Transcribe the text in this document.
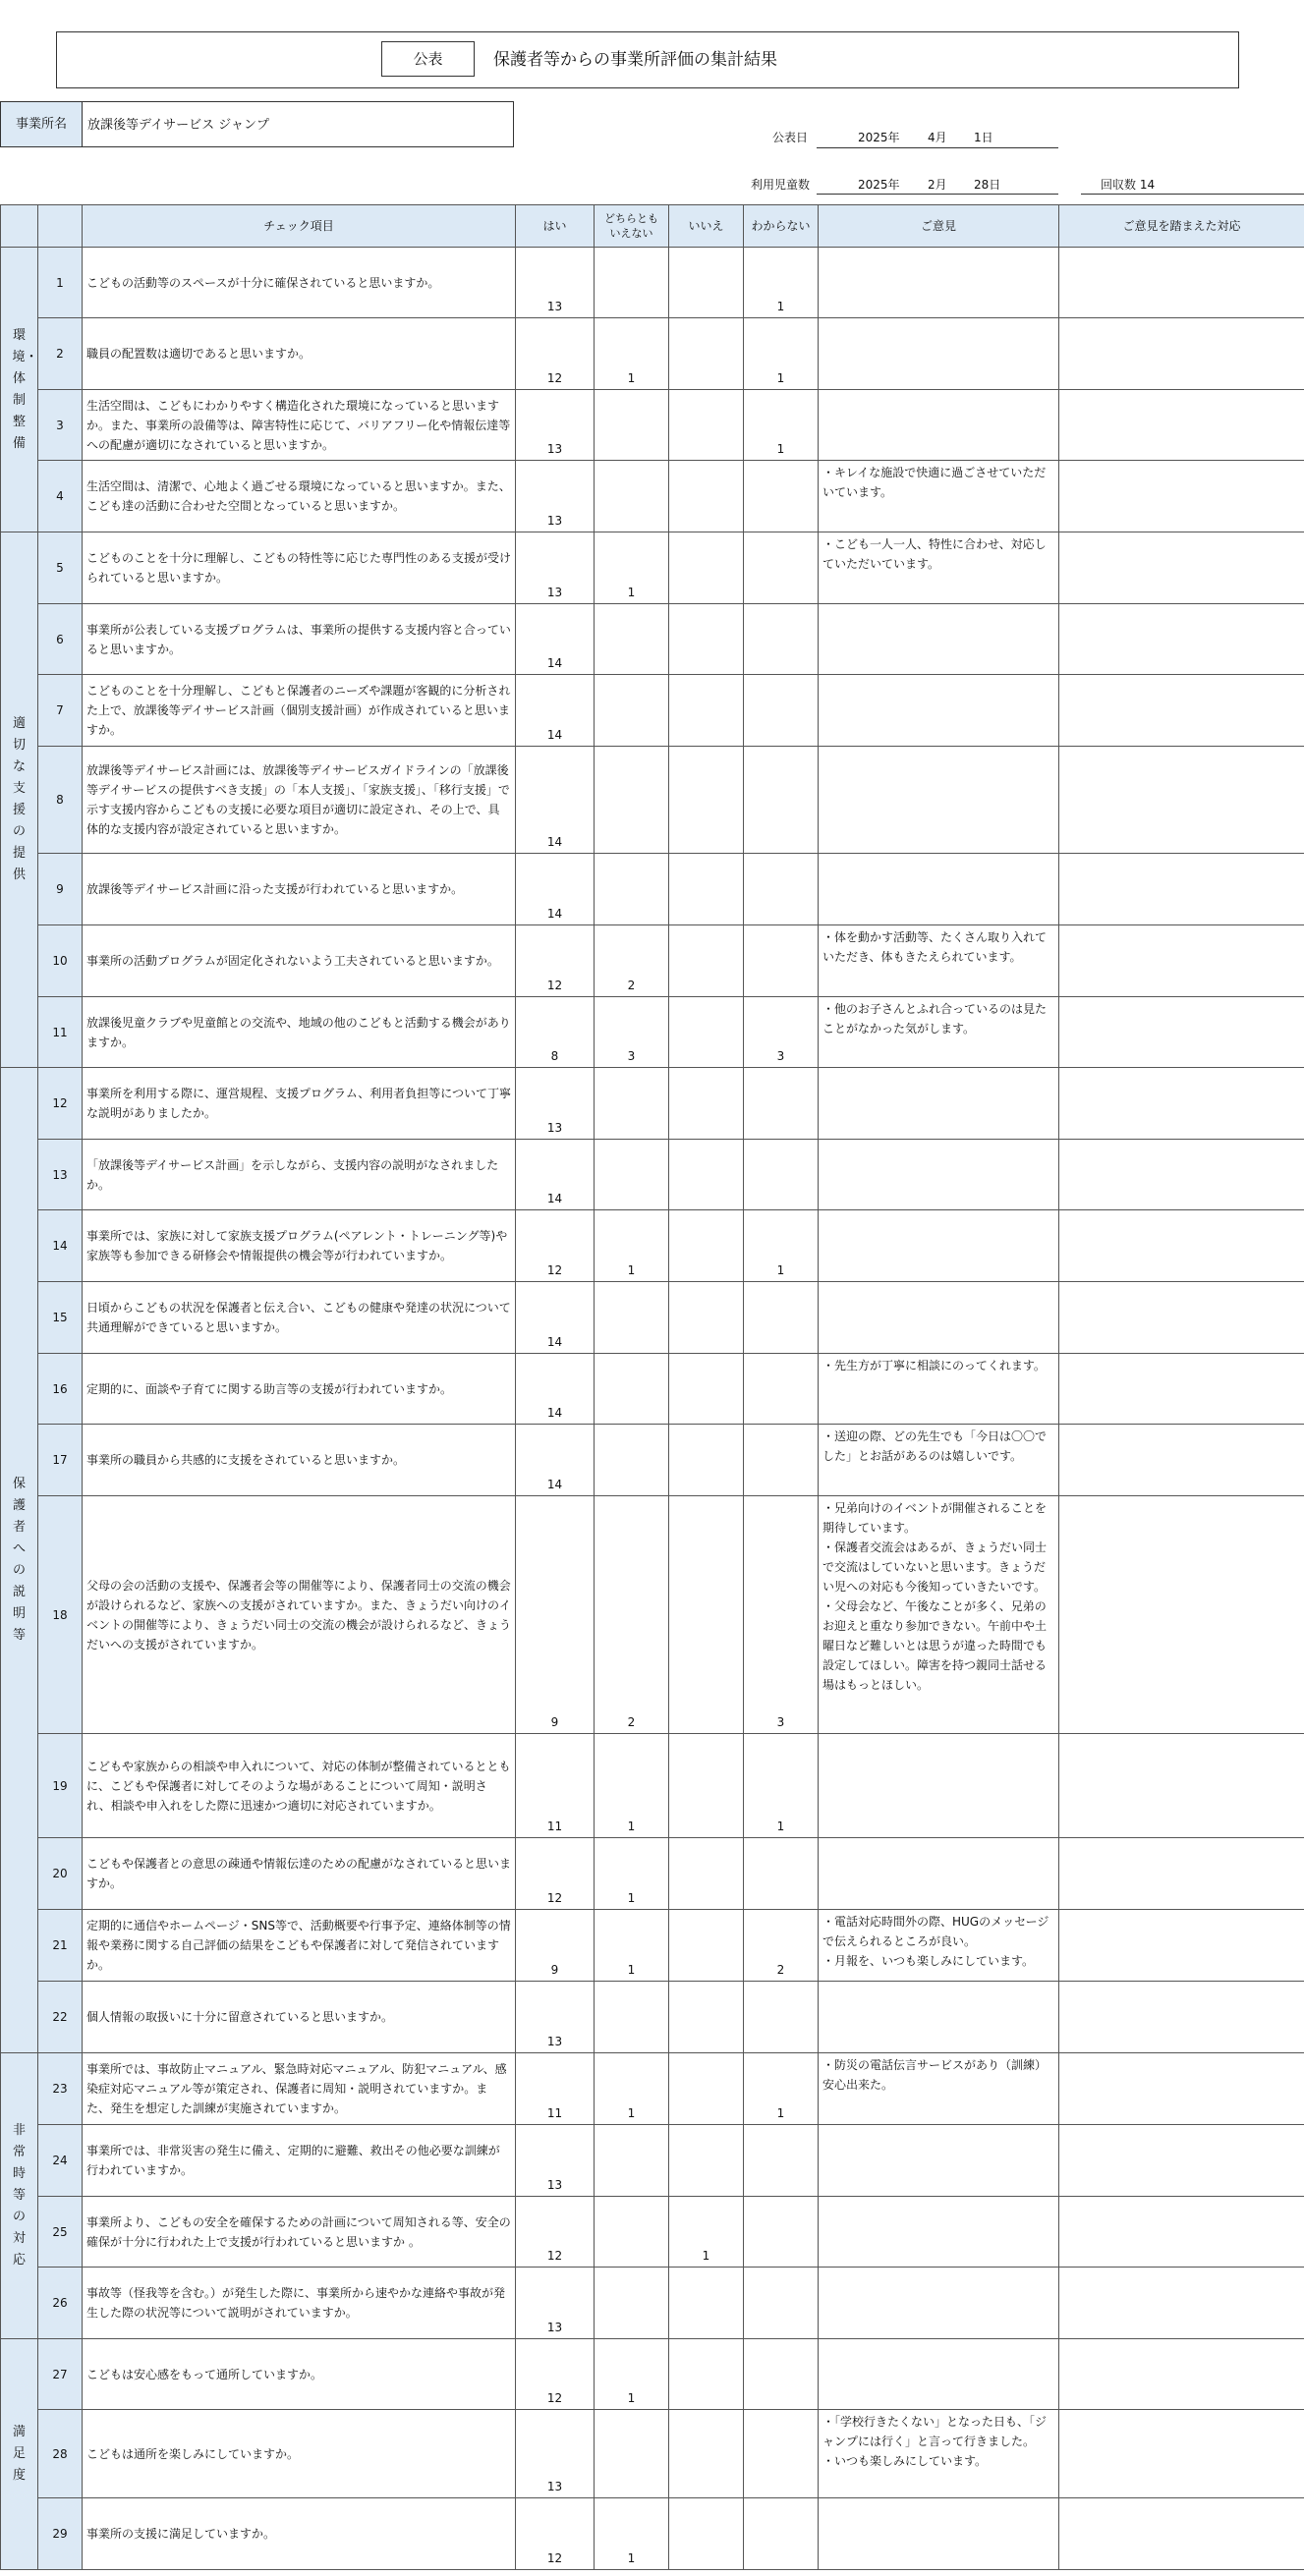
公表	保護者等からの事業所評価の集計結果
事業所名	放課後等デイサービス ジャンプ
公表日	2025年 4月 1日
利用児童数	2025年 2月 28日	回収数 14
		チェック項目	はい	どちらとも
いえない	いいえ	わからない	ご意見	ご意見を踏まえた対応
環境・体制整備	1	こどもの活動等のスペースが十分に確保されていると思いますか。	13			1		
	2	職員の配置数は適切であると思いますか。	12	1		1		
	3	生活空間は、こどもにわかりやすく構造化された環境になっていると思いますか。また、事業所の設備等は、障害特性に応じて、バリアフリー化や情報伝達等への配慮が適切になされていると思いますか。	13			1		
	4	生活空間は、清潔で、心地よく過ごせる環境になっていると思いますか。また、こども達の活動に合わせた空間となっていると思いますか。	13				・キレイな施設で快適に過ごさせていただいています。	
適切な支援の提供	5	こどものことを十分に理解し、こどもの特性等に応じた専門性のある支援が受けられていると思いますか。	13	1			・こども一人一人、特性に合わせ、対応していただいています。	
	6	事業所が公表している支援プログラムは、事業所の提供する支援内容と合っていると思いますか。	14					
	7	こどものことを十分理解し、こどもと保護者のニーズや課題が客観的に分析された上で、放課後等デイサービス計画（個別支援計画）が作成されていると思いますか。	14					
	8	放課後等デイサービス計画には、放課後等デイサービスガイドラインの「放課後等デイサービスの提供すべき支援」の「本人支援」、「家族支援」、「移行支援」で示す支援内容からこどもの支援に必要な項目が適切に設定され、その上で、具体的な支援内容が設定されていると思いますか。	14					
	9	放課後等デイサービス計画に沿った支援が行われていると思いますか。	14					
	10	事業所の活動プログラムが固定化されないよう工夫されていると思いますか。	12	2			・体を動かす活動等、たくさん取り入れていただき、体もきたえられています。	
	11	放課後児童クラブや児童館との交流や、地域の他のこどもと活動する機会がありますか。	8	3		3	・他のお子さんとふれ合っているのは見たことがなかった気がします。	
保護者への説明等	12	事業所を利用する際に、運営規程、支援プログラム、利用者負担等について丁寧な説明がありましたか。	13					
	13	「放課後等デイサービス計画」を示しながら、支援内容の説明がなされましたか。	14					
	14	事業所では、家族に対して家族支援プログラム(ペアレント・トレーニング等)や家族等も参加できる研修会や情報提供の機会等が行われていますか。	12	1		1		
	15	日頃からこどもの状況を保護者と伝え合い、こどもの健康や発達の状況について共通理解ができていると思いますか。	14					
	16	定期的に、面談や子育てに関する助言等の支援が行われていますか。	14				・先生方が丁寧に相談にのってくれます。	
	17	事業所の職員から共感的に支援をされていると思いますか。	14				・送迎の際、どの先生でも「今日は〇〇でした」とお話があるのは嬉しいです。	
	18	父母の会の活動の支援や、保護者会等の開催等により、保護者同士の交流の機会が設けられるなど、家族への支援がされていますか。また、きょうだい向けのイベントの開催等により、きょうだい同士の交流の機会が設けられるなど、きょうだいへの支援がされていますか。	9	2		3	・兄弟向けのイベントが開催されることを期待しています。
・保護者交流会はあるが、きょうだい同士で交流はしていないと思います。きょうだい児への対応も今後知っていきたいです。
・父母会など、午後なことが多く、兄弟のお迎えと重なり参加できない。午前中や土曜日など難しいとは思うが違った時間でも設定してほしい。障害を持つ親同士話せる場はもっとほしい。	
	19	こどもや家族からの相談や申入れについて、対応の体制が整備されているとともに、こどもや保護者に対してそのような場があることについて周知・説明され、相談や申入れをした際に迅速かつ適切に対応されていますか。	11	1		1		
	20	こどもや保護者との意思の疎通や情報伝達のための配慮がなされていると思いますか。	12	1				
	21	定期的に通信やホームページ・SNS等で、活動概要や行事予定、連絡体制等の情報や業務に関する自己評価の結果をこどもや保護者に対して発信されていますか。	9	1		2	・電話対応時間外の際、HUGのメッセージで伝えられるところが良い。
・月報を、いつも楽しみにしています。	
	22	個人情報の取扱いに十分に留意されていると思いますか。	13					
非常時等の対応	23	事業所では、事故防止マニュアル、緊急時対応マニュアル、防犯マニュアル、感染症対応マニュアル等が策定され、保護者に周知・説明されていますか。また、発生を想定した訓練が実施されていますか。	11	1		1	・防災の電話伝言サービスがあり（訓練）安心出来た。	
	24	事業所では、非常災害の発生に備え、定期的に避難、救出その他必要な訓練が行われていますか。	13					
	25	事業所より、こどもの安全を確保するための計画について周知される等、安全の確保が十分に行われた上で支援が行われていると思いますか 。	12		1			
	26	事故等（怪我等を含む。）が発生した際に、事業所から速やかな連絡や事故が発生した際の状況等について説明がされていますか。	13					
満足度	27	こどもは安心感をもって通所していますか。	12	1				
	28	こどもは通所を楽しみにしていますか。	13				・「学校行きたくない」となった日も、「ジャンプには行く」と言って行きました。
・いつも楽しみにしています。	
	29	事業所の支援に満足していますか。	12	1				
